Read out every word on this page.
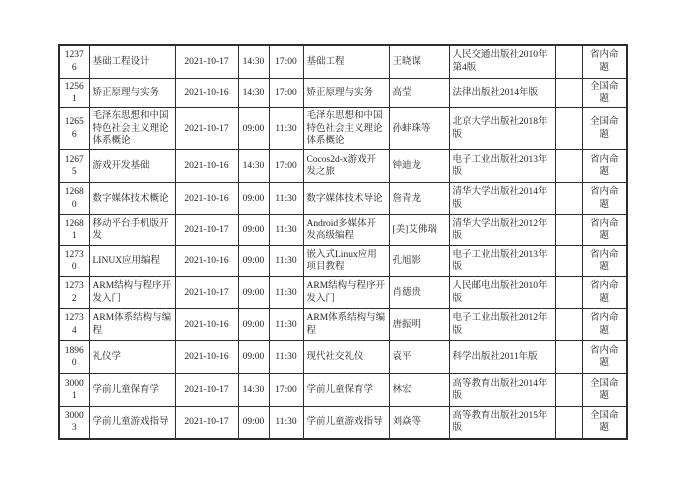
12376	基础工程设计	2021-10-17	14:30	17:00	基础工程	王晓谋	人民交通出版社2010年第4版		省内命题
12561	矫正原理与实务	2021-10-16	14:30	17:00	矫正原理与实务	高莹	法律出版社2014年版		全国命题
12656	毛泽东思想和中国特色社会主义理论体系概论	2021-10-17	09:00	11:30	毛泽东思想和中国特色社会主义理论体系概论	孙蚌珠等	北京大学出版社2018年版		全国命题
12675	游戏开发基础	2021-10-16	14:30	17:00	Cocos2d-x游戏开发之旅	钟迪龙	电子工业出版社2013年版		省内命题
12680	数字媒体技术概论	2021-10-16	09:00	11:30	数字媒体技术导论	詹青龙	清华大学出版社2014年版		省内命题
12681	移动平台手机版开发	2021-10-17	09:00	11:30	Android多媒体开发高级编程	[美]艾佛瑞	清华大学出版社2012年版		省内命题
12730	LINUX应用编程	2021-10-16	09:00	11:30	嵌入式Linux应用项目教程	孔旭影	电子工业出版社2013年版		省内命题
12732	ARM结构与程序开发入门	2021-10-17	09:00	11:30	ARM结构与程序开发入门	肖德贵	人民邮电出版社2010年版		省内命题
12734	ARM体系结构与编程	2021-10-16	09:00	11:30	ARM体系结构与编程	唐振明	电子工业出版社2012年版		省内命题
18960	礼仪学	2021-10-16	09:00	11:30	现代社交礼仪	袁平	科学出版社2011年版		省内命题
30001	学前儿童保育学	2021-10-17	14:30	17:00	学前儿童保育学	林宏	高等教育出版社2014年版		全国命题
30003	学前儿童游戏指导	2021-10-17	09:00	11:30	学前儿童游戏指导	刘焱等	高等教育出版社2015年版		全国命题
